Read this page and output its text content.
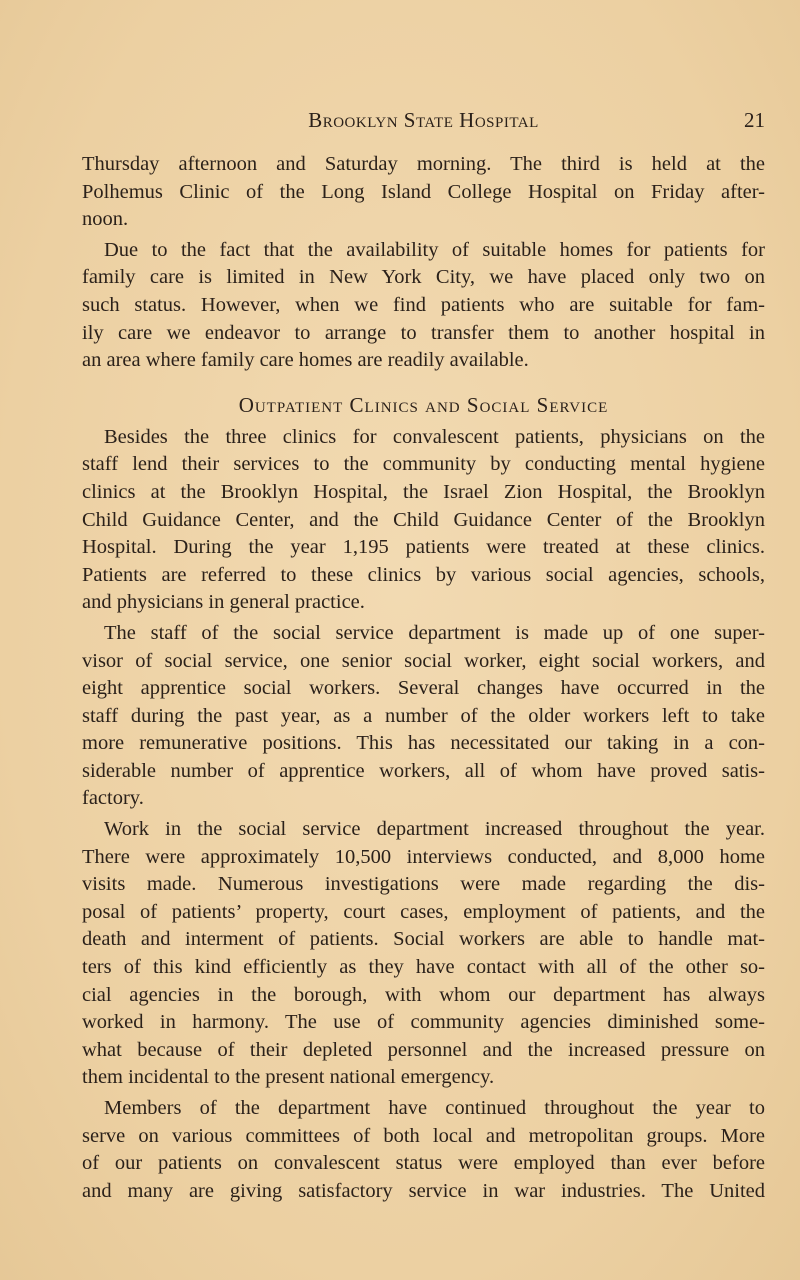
Brooklyn State Hospital	21
Thursday afternoon and Saturday morning. The third is held at the
Polhemus Clinic of the Long Island College Hospital on Friday after-
noon.
Due to the fact that the availability of suitable homes for patients for
family care is limited in New York City, we have placed only two on
such status. However, when we find patients who are suitable for fam-
ily care we endeavor to arrange to transfer them to another hospital in
an area where family care homes are readily available.
Outpatient Clinics and Social Service
Besides the three clinics for convalescent patients, physicians on the
staff lend their services to the community by conducting mental hygiene
clinics at the Brooklyn Hospital, the Israel Zion Hospital, the Brooklyn
Child Guidance Center, and the Child Guidance Center of the Brooklyn
Hospital. During the year 1,195 patients were treated at these clinics.
Patients are referred to these clinics by various social agencies, schools,
and physicians in general practice.
The staff of the social service department is made up of one super-
visor of social service, one senior social worker, eight social workers, and
eight apprentice social workers. Several changes have occurred in the
staff during the past year, as a number of the older workers left to take
more remunerative positions. This has necessitated our taking in a con-
siderable number of apprentice workers, all of whom have proved satis-
factory.
Work in the social service department increased throughout the year.
There were approximately 10,500 interviews conducted, and 8,000 home
visits made. Numerous investigations were made regarding the dis-
posal of patients’ property, court cases, employment of patients, and the
death and interment of patients. Social workers are able to handle mat-
ters of this kind efficiently as they have contact with all of the other so-
cial agencies in the borough, with whom our department has always
worked in harmony. The use of community agencies diminished some-
what because of their depleted personnel and the increased pressure on
them incidental to the present national emergency.
Members of the department have continued throughout the year to
serve on various committees of both local and metropolitan groups. More
of our patients on convalescent status were employed than ever before
and many are giving satisfactory service in war industries. The United
